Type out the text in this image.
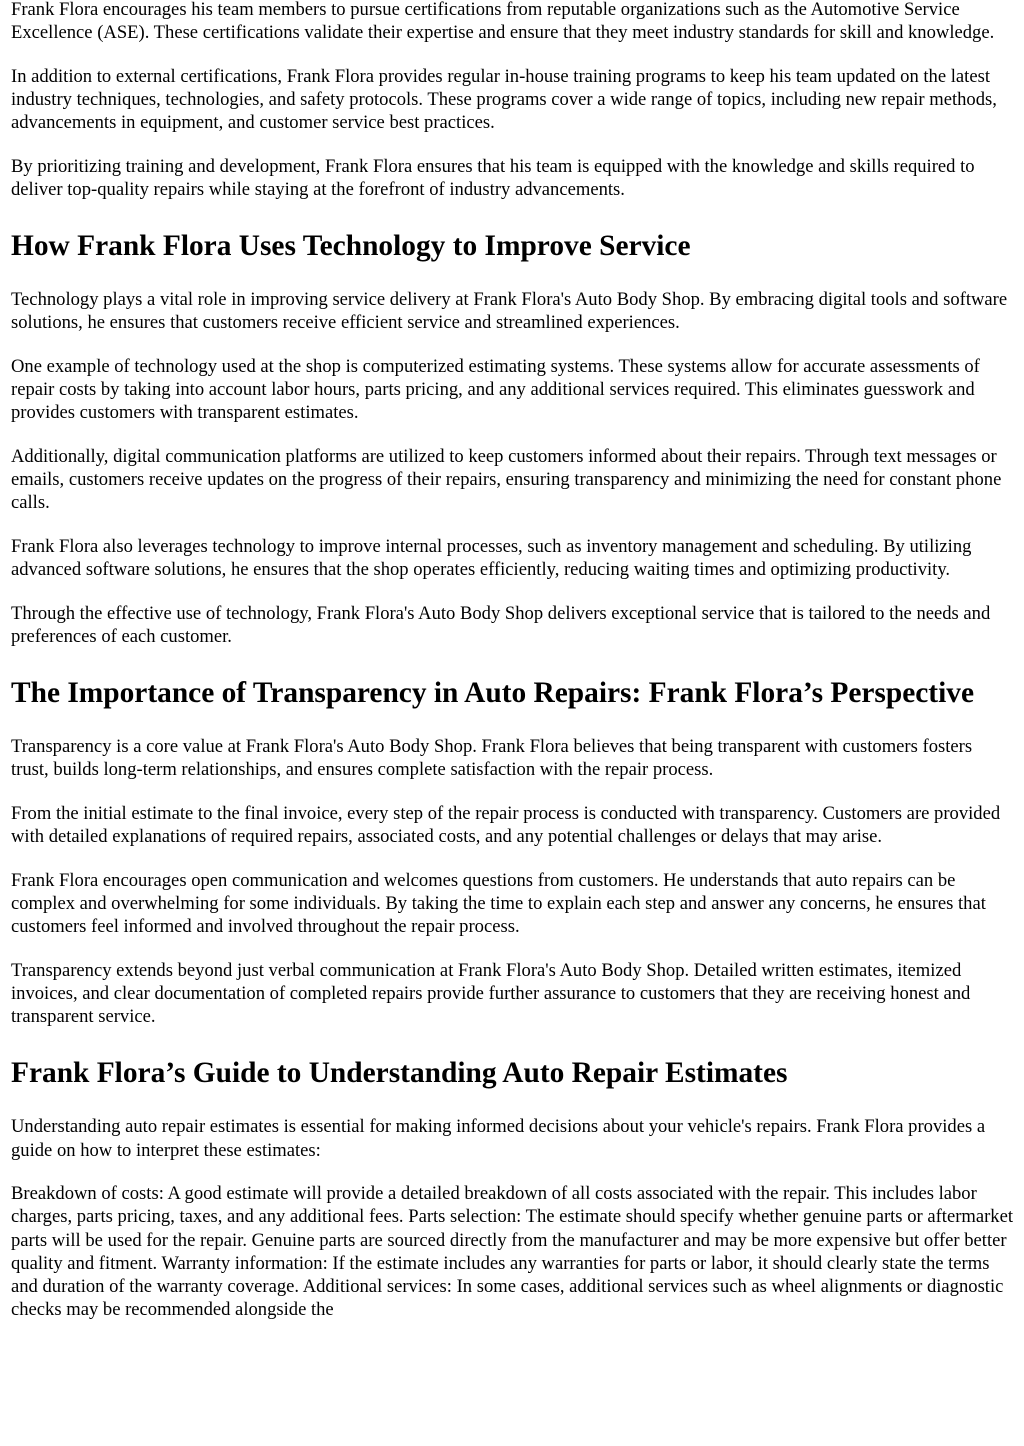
Frank Flora encourages his team members to pursue certifications from reputable organizations such as the Automotive Service Excellence (ASE). These certifications validate their expertise and ensure that they meet industry standards for skill and knowledge.

In addition to external certifications, Frank Flora provides regular in-house training programs to keep his team updated on the latest industry techniques, technologies, and safety protocols. These programs cover a wide range of topics, including new repair methods, advancements in equipment, and customer service best practices.

By prioritizing training and development, Frank Flora ensures that his team is equipped with the knowledge and skills required to deliver top-quality repairs while staying at the forefront of industry advancements.

How Frank Flora Uses Technology to Improve Service

Technology plays a vital role in improving service delivery at Frank Flora's Auto Body Shop. By embracing digital tools and software solutions, he ensures that customers receive efficient service and streamlined experiences.

One example of technology used at the shop is computerized estimating systems. These systems allow for accurate assessments of repair costs by taking into account labor hours, parts pricing, and any additional services required. This eliminates guesswork and provides customers with transparent estimates.

Additionally, digital communication platforms are utilized to keep customers informed about their repairs. Through text messages or emails, customers receive updates on the progress of their repairs, ensuring transparency and minimizing the need for constant phone calls.

Frank Flora also leverages technology to improve internal processes, such as inventory management and scheduling. By utilizing advanced software solutions, he ensures that the shop operates efficiently, reducing waiting times and optimizing productivity.

Through the effective use of technology, Frank Flora's Auto Body Shop delivers exceptional service that is tailored to the needs and preferences of each customer.

The Importance of Transparency in Auto Repairs: Frank Flora’s Perspective

Transparency is a core value at Frank Flora's Auto Body Shop. Frank Flora believes that being transparent with customers fosters trust, builds long-term relationships, and ensures complete satisfaction with the repair process.

From the initial estimate to the final invoice, every step of the repair process is conducted with transparency. Customers are provided with detailed explanations of required repairs, associated costs, and any potential challenges or delays that may arise.

Frank Flora encourages open communication and welcomes questions from customers. He understands that auto repairs can be complex and overwhelming for some individuals. By taking the time to explain each step and answer any concerns, he ensures that customers feel informed and involved throughout the repair process.

Transparency extends beyond just verbal communication at Frank Flora's Auto Body Shop. Detailed written estimates, itemized invoices, and clear documentation of completed repairs provide further assurance to customers that they are receiving honest and transparent service.

Frank Flora’s Guide to Understanding Auto Repair Estimates

Understanding auto repair estimates is essential for making informed decisions about your vehicle's repairs. Frank Flora provides a guide on how to interpret these estimates:

Breakdown of costs: A good estimate will provide a detailed breakdown of all costs associated with the repair. This includes labor charges, parts pricing, taxes, and any additional fees. Parts selection: The estimate should specify whether genuine parts or aftermarket parts will be used for the repair. Genuine parts are sourced directly from the manufacturer and may be more expensive but offer better quality and fitment. Warranty information: If the estimate includes any warranties for parts or labor, it should clearly state the terms and duration of the warranty coverage. Additional services: In some cases, additional services such as wheel alignments or diagnostic checks may be recommended alongside the
